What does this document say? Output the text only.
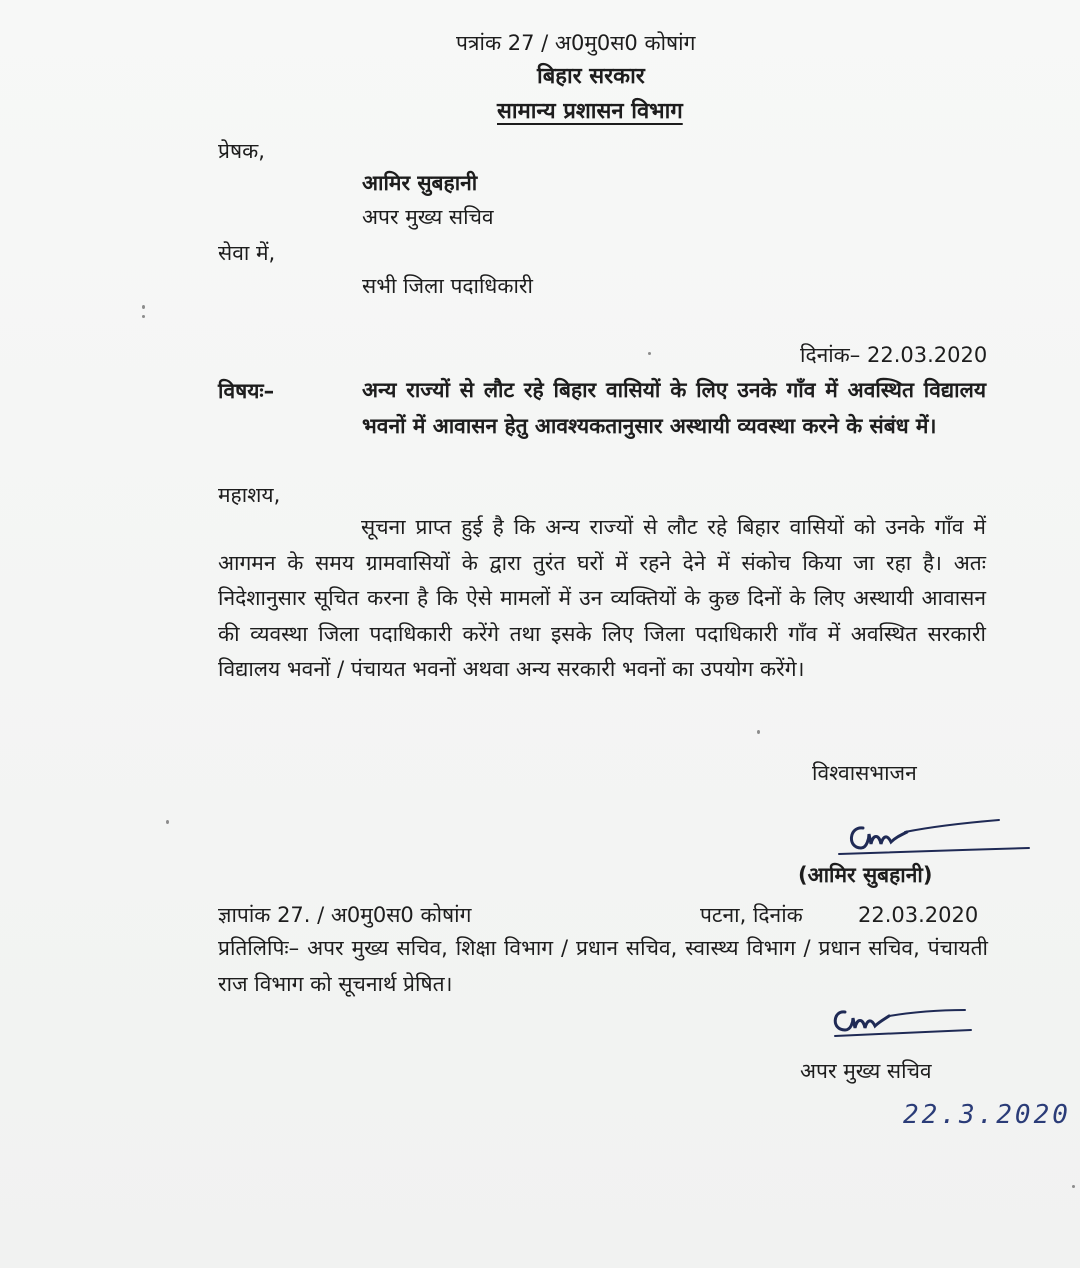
पत्रांक 27 / अ0मु0स0 कोषांग
बिहार सरकार
सामान्य प्रशासन विभाग
प्रेषक,
आमिर सुबहानी
अपर मुख्य सचिव
सेवा में,
सभी जिला पदाधिकारी
दिनांक– 22.03.2020
विषयः–	अन्य राज्यों से लौट रहे बिहार वासियों के लिए उनके गाँव में अवस्थित विद्यालय भवनों में आवासन हेतु आवश्यकतानुसार अस्थायी व्यवस्था करने के संबंध में।
महाशय,
सूचना प्राप्त हुई है कि अन्य राज्यों से लौट रहे बिहार वासियों को उनके गाँव में आगमन के समय ग्रामवासियों के द्वारा तुरंत घरों में रहने देने में संकोच किया जा रहा है। अतः निदेशानुसार सूचित करना है कि ऐसे मामलों में उन व्यक्तियों के कुछ दिनों के लिए अस्थायी आवासन की व्यवस्था जिला पदाधिकारी करेंगे तथा इसके लिए जिला पदाधिकारी गाँव में अवस्थित सरकारी विद्यालय भवनों / पंचायत भवनों अथवा अन्य सरकारी भवनों का उपयोग करेंगे।
विश्वासभाजन
(आमिर सुबहानी)
ज्ञापांक 27. / अ0मु0स0 कोषांग	पटना, दिनांक	22.03.2020
प्रतिलिपिः– अपर मुख्य सचिव, शिक्षा विभाग / प्रधान सचिव, स्वास्थ्य विभाग / प्रधान सचिव, पंचायती राज विभाग को सूचनार्थ प्रेषित।
अपर मुख्य सचिव
22.3.2020
